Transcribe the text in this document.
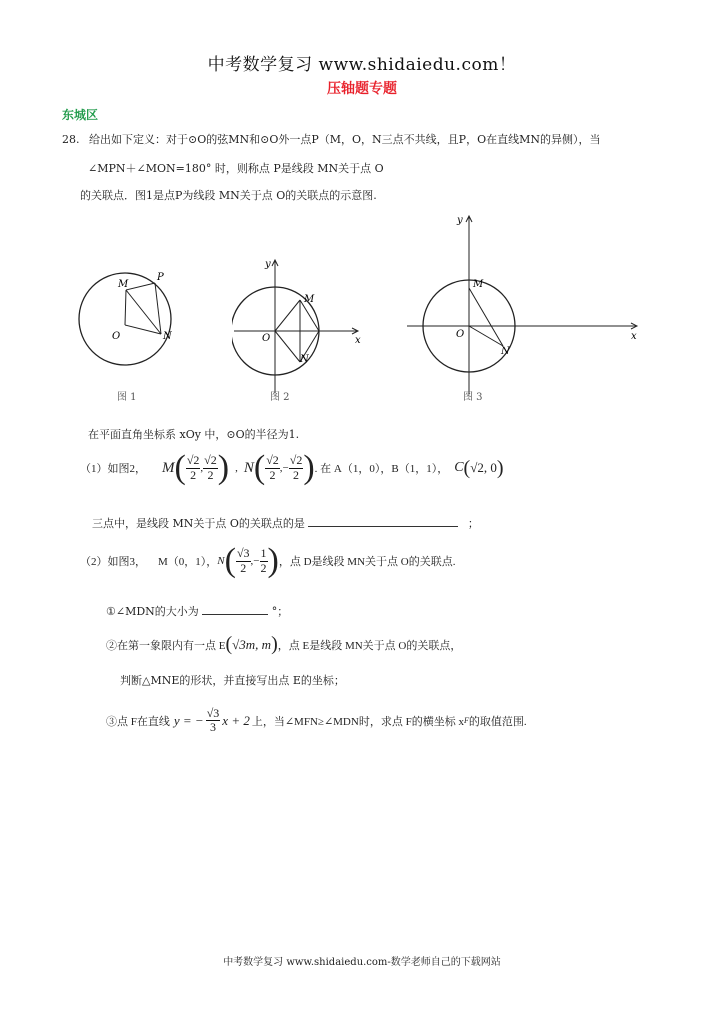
中考数学复习 www.shidaiedu.com！
压轴题专题
东城区
28. 给出如下定义：对于⊙O的弦MN和⊙O外一点P（M，O，N三点不共线，且P，O在直线MN的异侧），当
∠MPN＋∠MON=180° 时，则称点 P是线段 MN关于点 O
的关联点．图1是点P为线段 MN关于点 O的关联点的示意图.
M
P
O	N
图 1
y
x
O
M
N
图 2
y
x
O
M
N
图 3
在平面直角坐标系 xOy 中，⊙O的半径为1.
（1）如图2， M ( $\frac{√2}{2}$ , $\frac{√2}{2}$ ) , N ( $\frac{√2}{2}$ , − $\frac{√2}{2}$ ) . 在 A（1，0），B（1，1）， C ( √2, 0 )
三点中，是线段 MN关于点 O的关联点的是	；
（2）如图3， M（0，1）， N ( $\frac{√3}{2}$ , − $\frac{1}{2}$ ) ，点 D是线段 MN关于点 O的关联点.
①∠MDN的大小为	°；
②在第一象限内有一点 E ( √3m, m ) ，点 E是线段 MN关于点 O的关联点，
判断△MNE的形状，并直接写出点 E的坐标；
③点 F在直线 y = − $\frac{√3}{3}$ x + 2 上，当∠MFN≥∠MDN时，求点 F的横坐标 x F 的取值范围.
中考数学复习 www.shidaiedu.com-数学老师自己的下载网站
